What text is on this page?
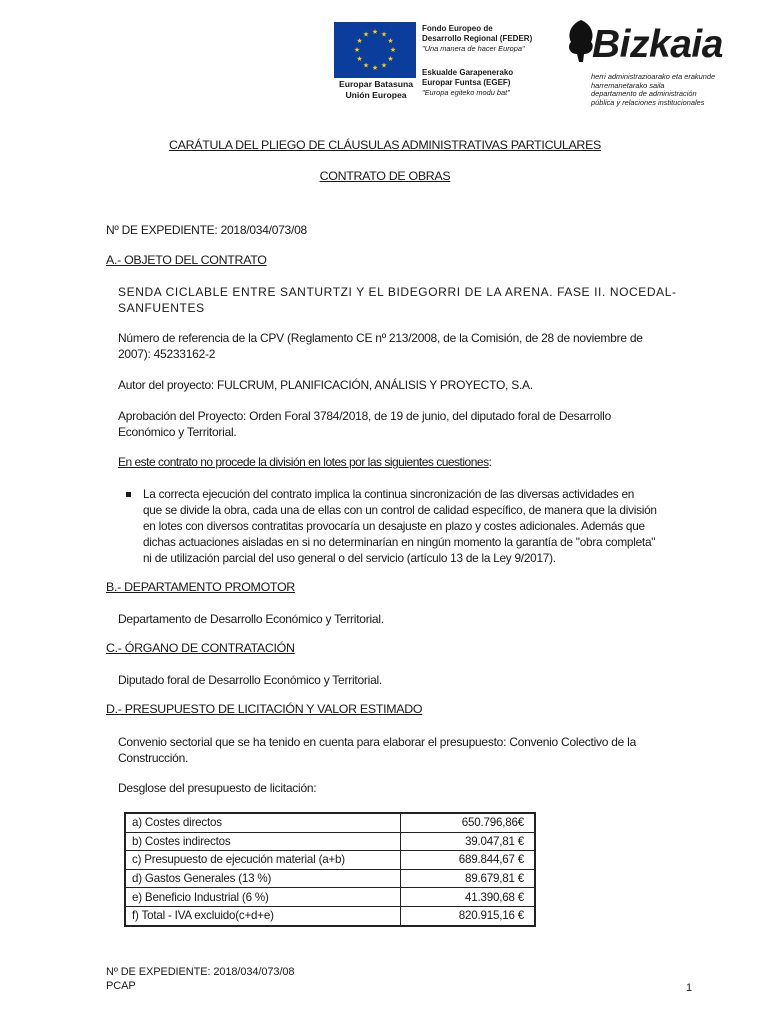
★ ★
★
★
★
★
★
★
★
★
★
★
Europar Batasuna
Unión Europea
Fondo Europeo de
Desarrollo Regional (FEDER)
"Una manera de hacer Europa"
Eskualde Garapenerako
Europar Funtsa (EGEF)
"Europa egiteko modu bat"
Bizkaia
herri administrazioarako eta erakunde
harremanetarako saila
departamento de administración
pública y relaciones institucionales
CARÁTULA DEL PLIEGO DE CLÁUSULAS ADMINISTRATIVAS PARTICULARES
CONTRATO DE OBRAS
Nº DE EXPEDIENTE: 2018/034/073/08
A.- OBJETO DEL CONTRATO
SENDA CICLABLE ENTRE SANTURTZI Y EL BIDEGORRI DE LA ARENA. FASE II. NOCEDAL-
SANFUENTES
Número de referencia de la CPV (Reglamento CE nº 213/2008, de la Comisión, de 28 de noviembre de
2007): 45233162-2
Autor del proyecto: FULCRUM, PLANIFICACIÓN, ANÁLISIS Y PROYECTO, S.A.
Aprobación del Proyecto: Orden Foral 3784/2018, de 19 de junio, del diputado foral de Desarrollo
Económico y Territorial.
En este contrato no procede la división en lotes por las siguientes cuestiones:
La correcta ejecución del contrato implica la continua sincronización de las diversas actividades en
que se divide la obra, cada una de ellas con un control de calidad específico, de manera que la división
en lotes con diversos contratitas provocaría un desajuste en plazo y costes adicionales. Además que
dichas actuaciones aisladas en si no determinarían en ningún momento la garantía de "obra completa"
ni de utilización parcial del uso general o del servicio (artículo 13 de la Ley 9/2017).
B.- DEPARTAMENTO PROMOTOR
Departamento de Desarrollo Económico y Territorial.
C.- ÓRGANO DE CONTRATACIÓN
Diputado foral de Desarrollo Económico y Territorial.
D.- PRESUPUESTO DE LICITACIÓN Y VALOR ESTIMADO
Convenio sectorial que se ha tenido en cuenta para elaborar el presupuesto: Convenio Colectivo de la
Construcción.
Desglose del presupuesto de licitación:
a) Costes directos	650.796,86€
b) Costes indirectos	39.047,81 €
c) Presupuesto de ejecución material (a+b)	689.844,67 €
d) Gastos Generales (13 %)	89.679,81 €
e) Beneficio Industrial (6 %)	41.390,68 €
f) Total - IVA excluido(c+d+e)	820.915,16 €
Nº DE EXPEDIENTE: 2018/034/073/08
PCAP	1
